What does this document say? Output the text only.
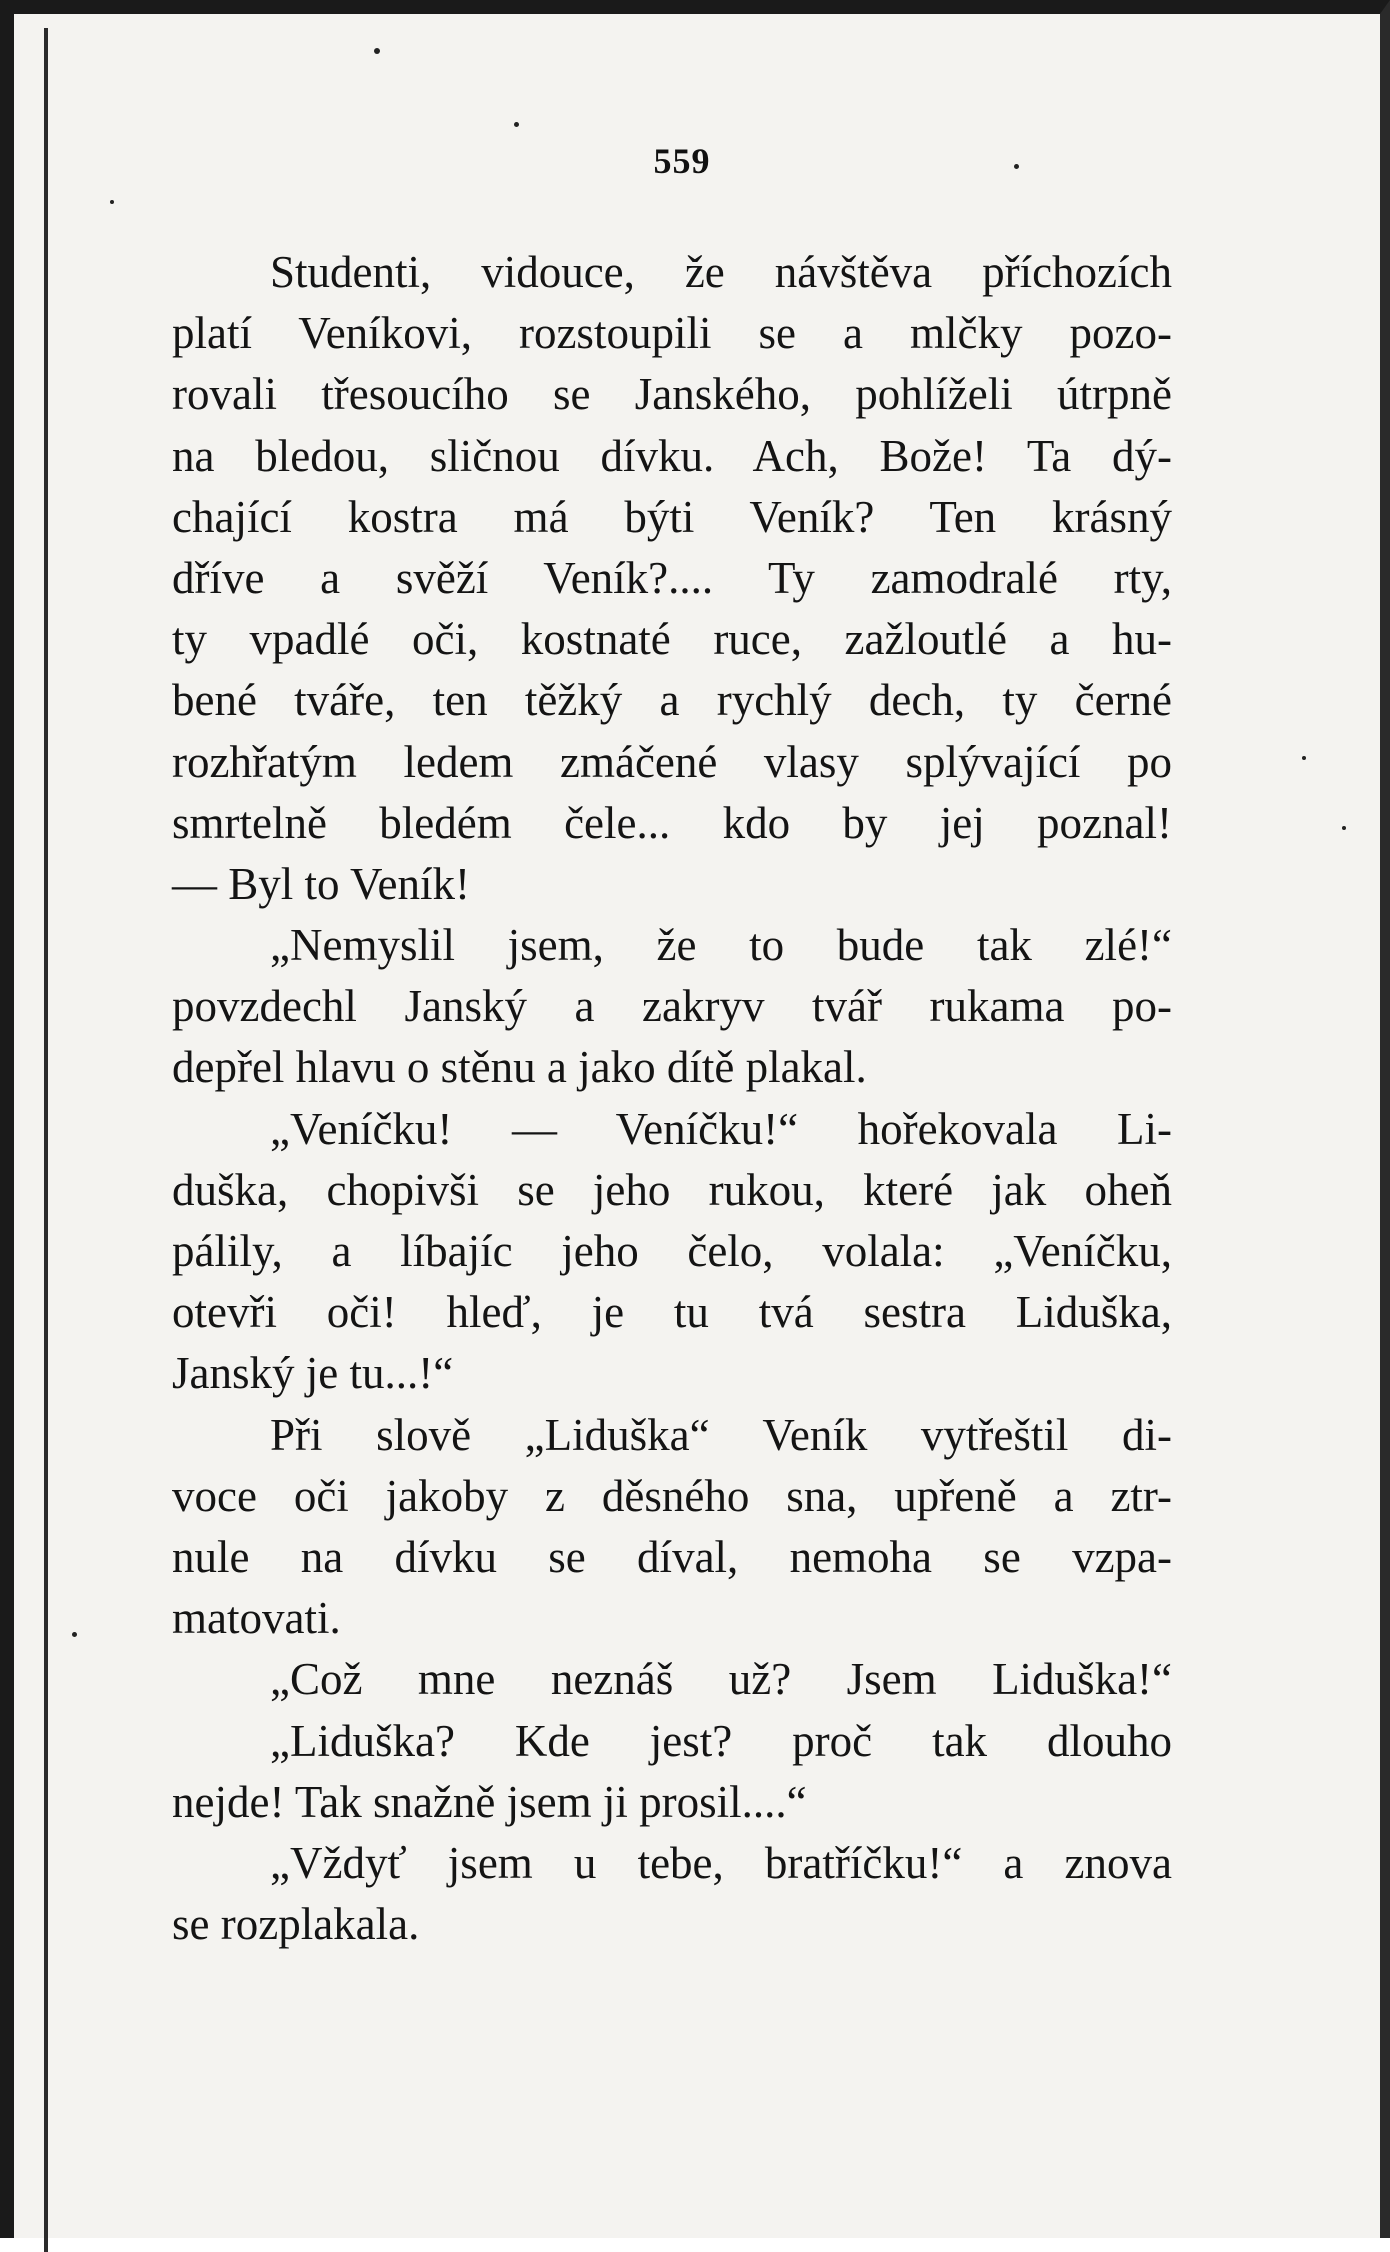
559
Studenti, vidouce, že návštěva příchozích
platí Veníkovi, rozstoupili se a mlčky pozo-
rovali třesoucího se Janského, pohlíželi útrpně
na bledou, sličnou dívku. Ach, Bože! Ta dý-
chající kostra má býti Veník? Ten krásný
dříve a svěží Veník?.... Ty zamodralé rty,
ty vpadlé oči, kostnaté ruce, zažloutlé a hu-
bené tváře, ten těžký a rychlý dech, ty černé
rozhřatým ledem zmáčené vlasy splývající po
smrtelně bledém čele... kdo by jej poznal!
— Byl to Veník!
„Nemyslil jsem, že to bude tak zlé!“
povzdechl Janský a zakryv tvář rukama po-
depřel hlavu o stěnu a jako dítě plakal.
„Veníčku! — Veníčku!“ hořekovala Li-
duška, chopivši se jeho rukou, které jak oheň
pálily, a líbajíc jeho čelo, volala: „Veníčku,
otevři oči! hleď, je tu tvá sestra Liduška,
Janský je tu...!“
Při slově „Liduška“ Veník vytřeštil di-
voce oči jakoby z děsného sna, upřeně a ztr-
nule na dívku se díval, nemoha se vzpa-
matovati.
„Což mne neznáš už? Jsem Liduška!“
„Liduška? Kde jest? proč tak dlouho
nejde! Tak snažně jsem ji prosil....“
„Vždyť jsem u tebe, bratříčku!“ a znova
se rozplakala.
